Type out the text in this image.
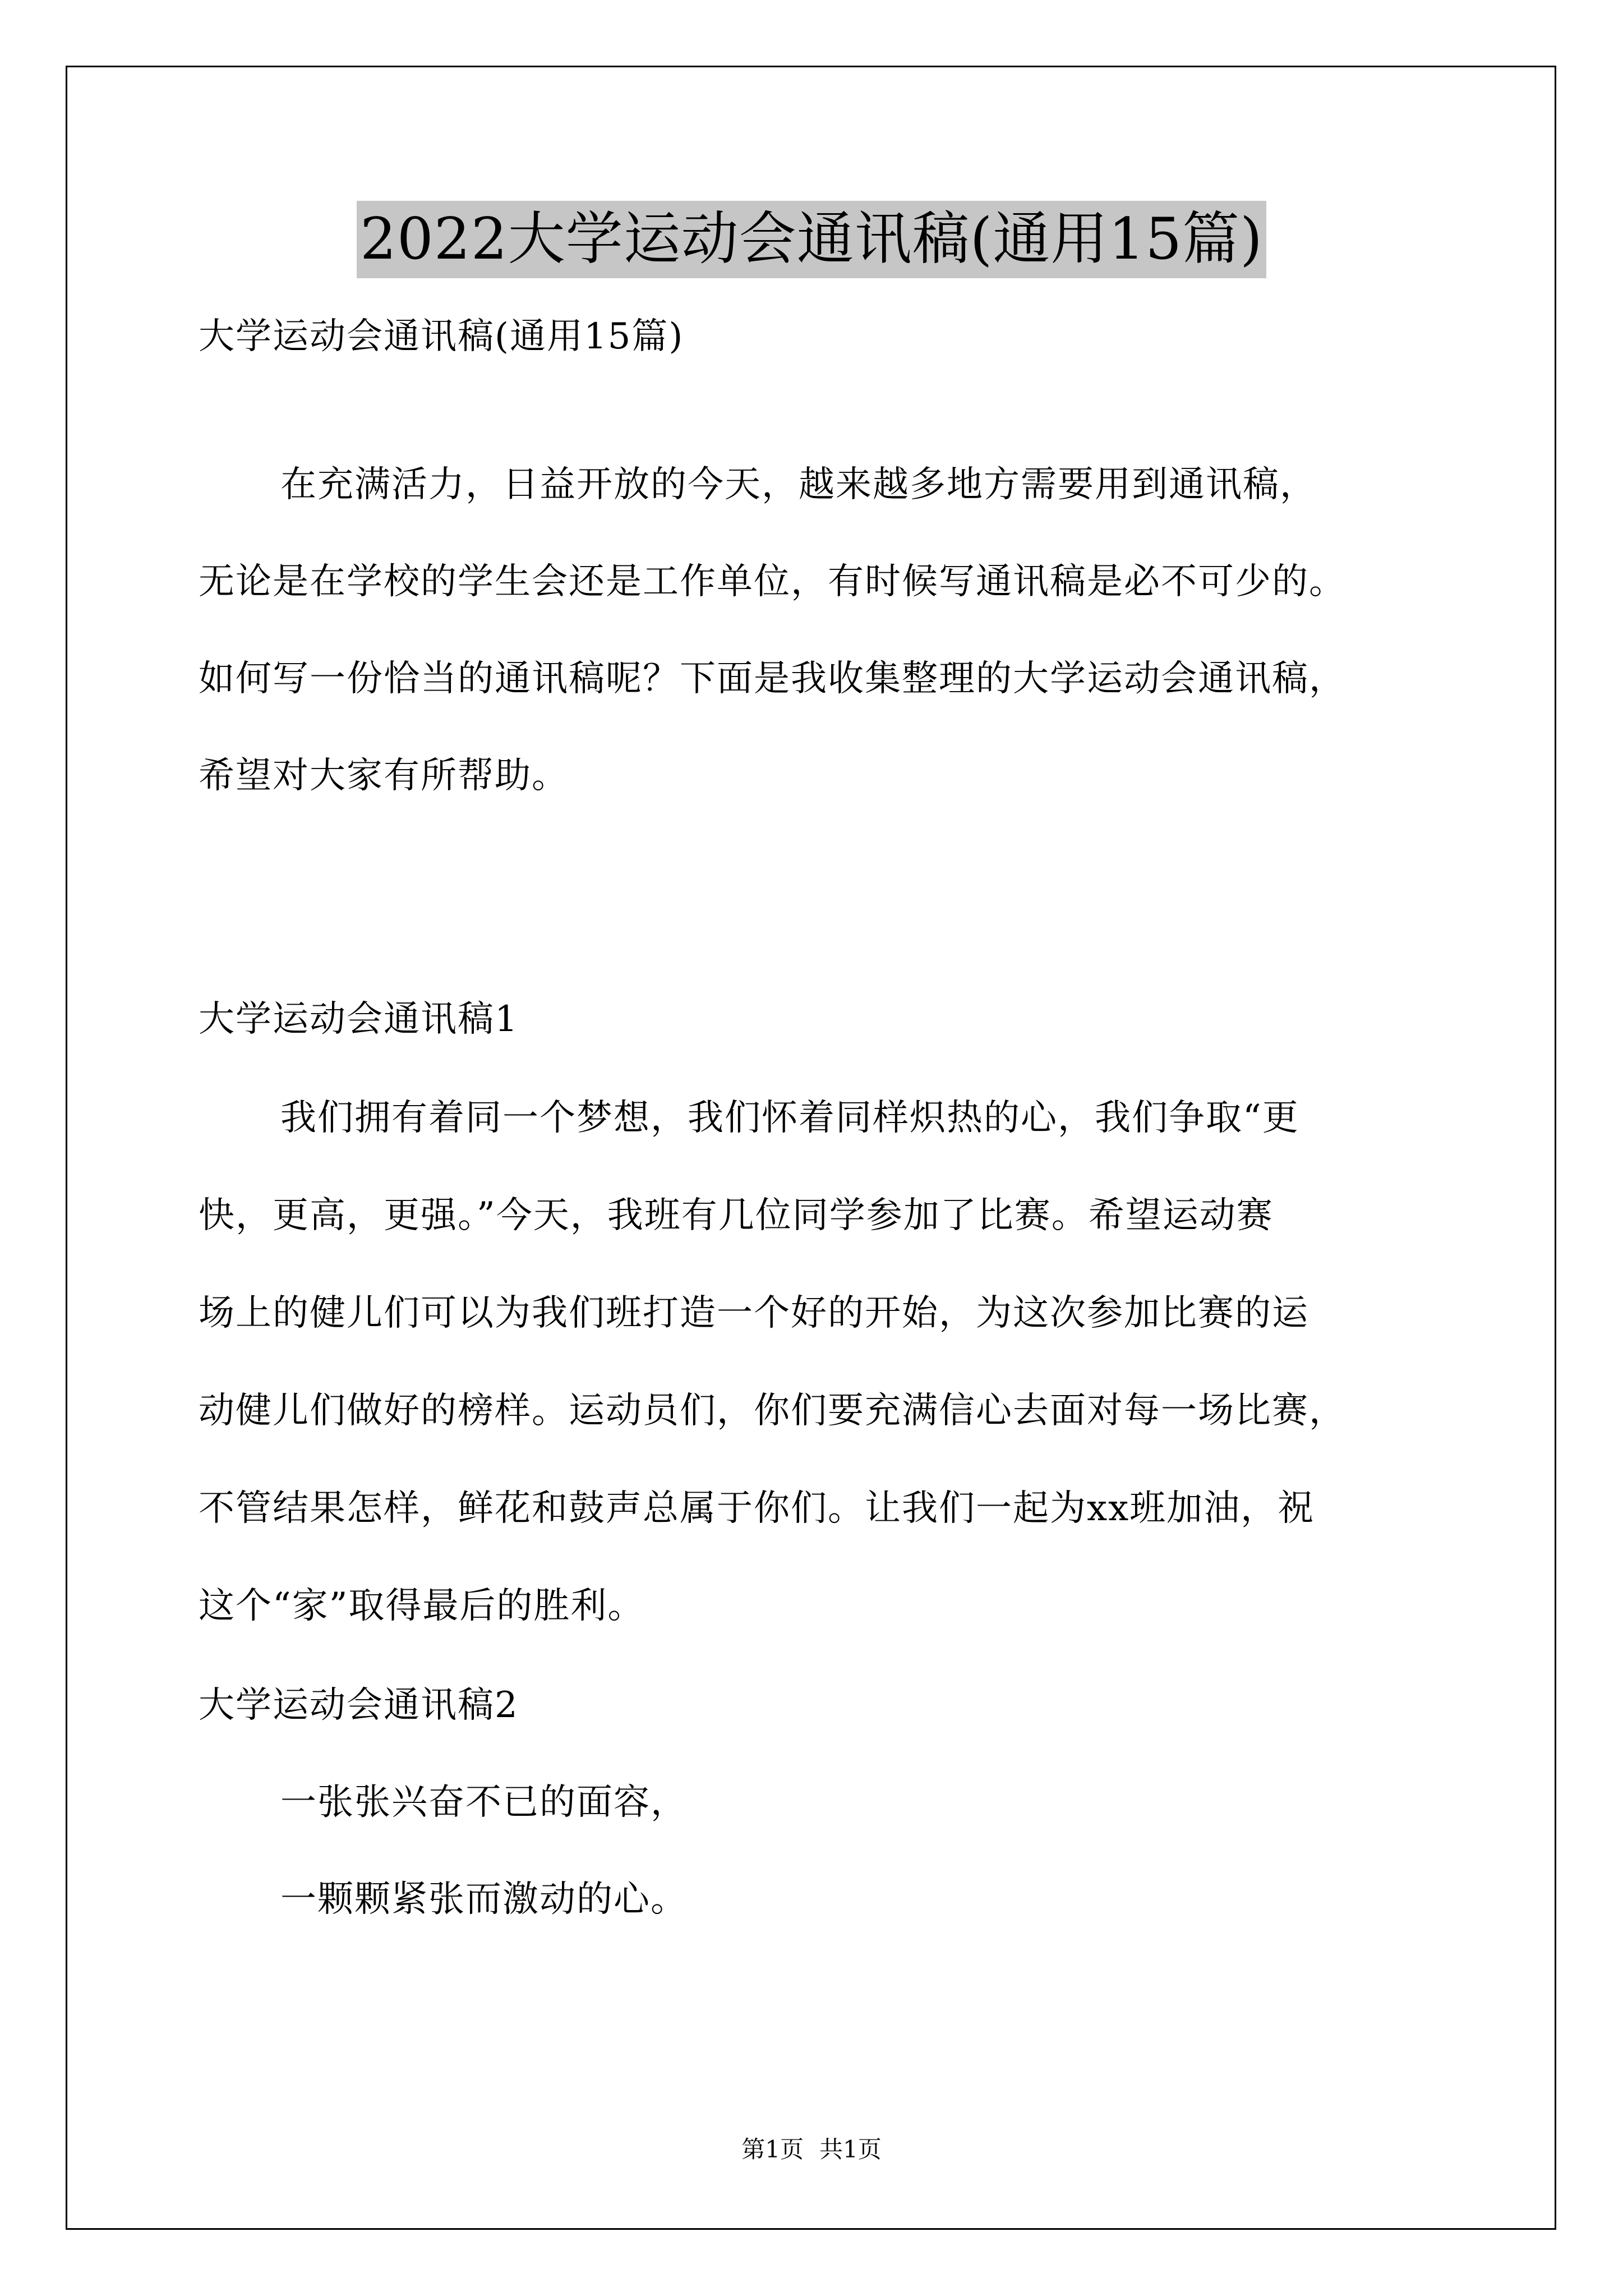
2022大学运动会通讯稿(通用15篇)
大学运动会通讯稿(通用15篇)
在充满活力，日益开放的今天，越来越多地方需要用到通讯稿，
无论是在学校的学生会还是工作单位，有时候写通讯稿是必不可少的。
如何写一份恰当的通讯稿呢？下面是我收集整理的大学运动会通讯稿，
希望对大家有所帮助。
大学运动会通讯稿1
我们拥有着同一个梦想，我们怀着同样炽热的心，我们争取“更
快，更高，更强。”今天，我班有几位同学参加了比赛。希望运动赛
场上的健儿们可以为我们班打造一个好的开始，为这次参加比赛的运
动健儿们做好的榜样。运动员们，你们要充满信心去面对每一场比赛，
不管结果怎样，鲜花和鼓声总属于你们。让我们一起为xx班加油，祝
这个“家”取得最后的胜利。
大学运动会通讯稿2
一张张兴奋不已的面容，
一颗颗紧张而激动的心。
第1页 共1页
